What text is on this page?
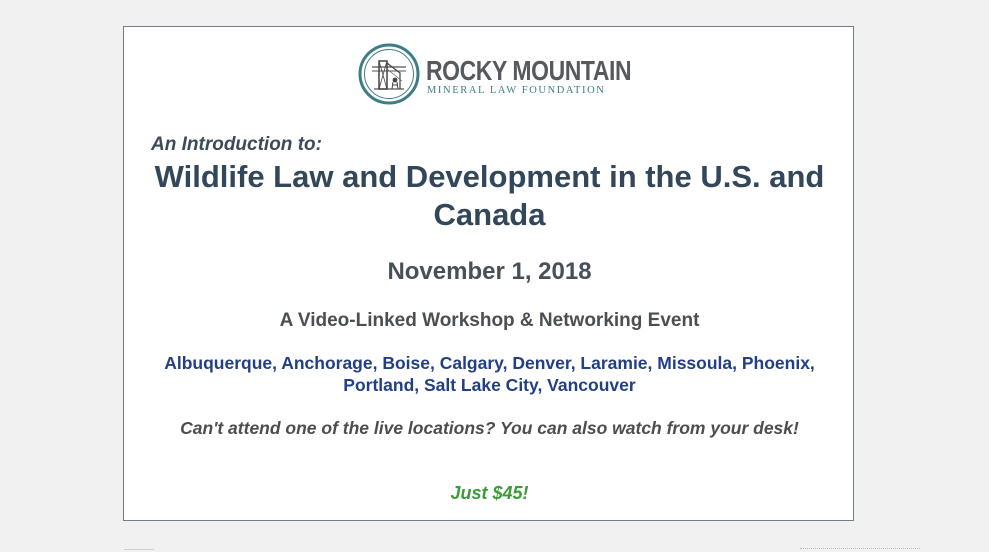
ROCKY MOUNTAIN
MINERAL LAW FOUNDATION
An Introduction to:
Wildlife Law and Development in the U.S. and Canada
November 1, 2018
A Video-Linked Workshop & Networking Event
Albuquerque, Anchorage, Boise, Calgary, Denver, Laramie, Missoula, Phoenix, Portland, Salt Lake City, Vancouver
Can't attend one of the live locations? You can also watch from your desk!
Just $45!
